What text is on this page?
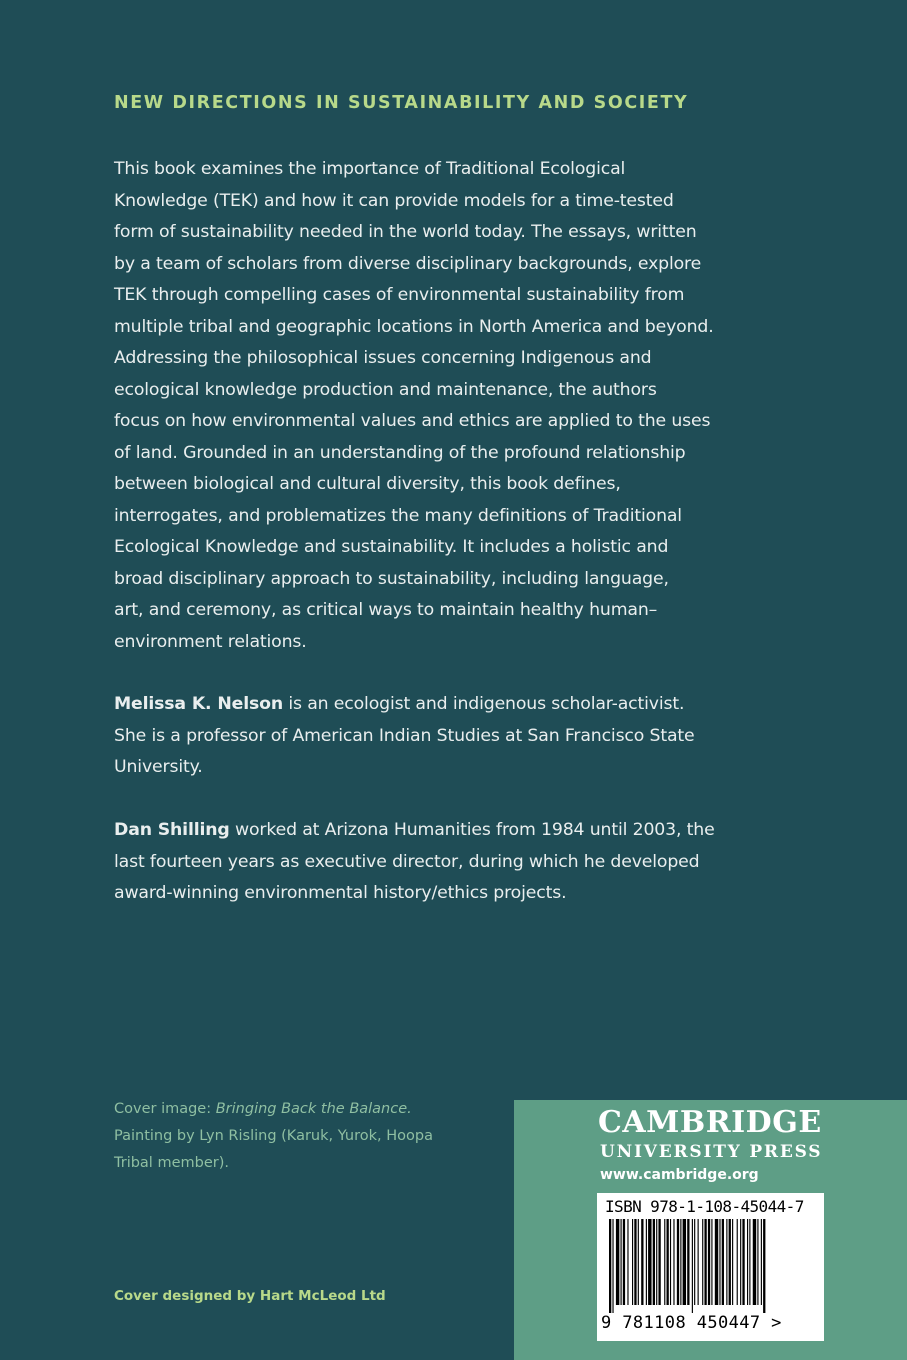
NEW DIRECTIONS IN SUSTAINABILITY AND SOCIETY

This book examines the importance of Traditional Ecological

Knowledge (TEK) and how it can provide models for a time-tested

form of sustainability needed in the world today. The essays, written

by a team of scholars from diverse disciplinary backgrounds, explore

TEK through compelling cases of environmental sustainability from

multiple tribal and geographic locations in North America and beyond.

Addressing the philosophical issues concerning Indigenous and

ecological knowledge production and maintenance, the authors

focus on how environmental values and ethics are applied to the uses

of land. Grounded in an understanding of the profound relationship

between biological and cultural diversity, this book defines,

interrogates, and problematizes the many definitions of Traditional

Ecological Knowledge and sustainability. It includes a holistic and

broad disciplinary approach to sustainability, including language,

art, and ceremony, as critical ways to maintain healthy human–

environment relations.

Melissa K. Nelson is an ecologist and indigenous scholar-activist.

She is a professor of American Indian Studies at San Francisco State

University.

Dan Shilling worked at Arizona Humanities from 1984 until 2003, the

last fourteen years as executive director, during which he developed

award-winning environmental history/ethics projects.

Cover image: Bringing Back the Balance.
Painting by Lyn Risling (Karuk, Yurok, Hoopa
Tribal member).
Cover designed by Hart McLeod Ltd
CAMBRIDGE
UNIVERSITY PRESS
www.cambridge.org
ISBN 978-1-108-45044-7
9 781108 450447 >
